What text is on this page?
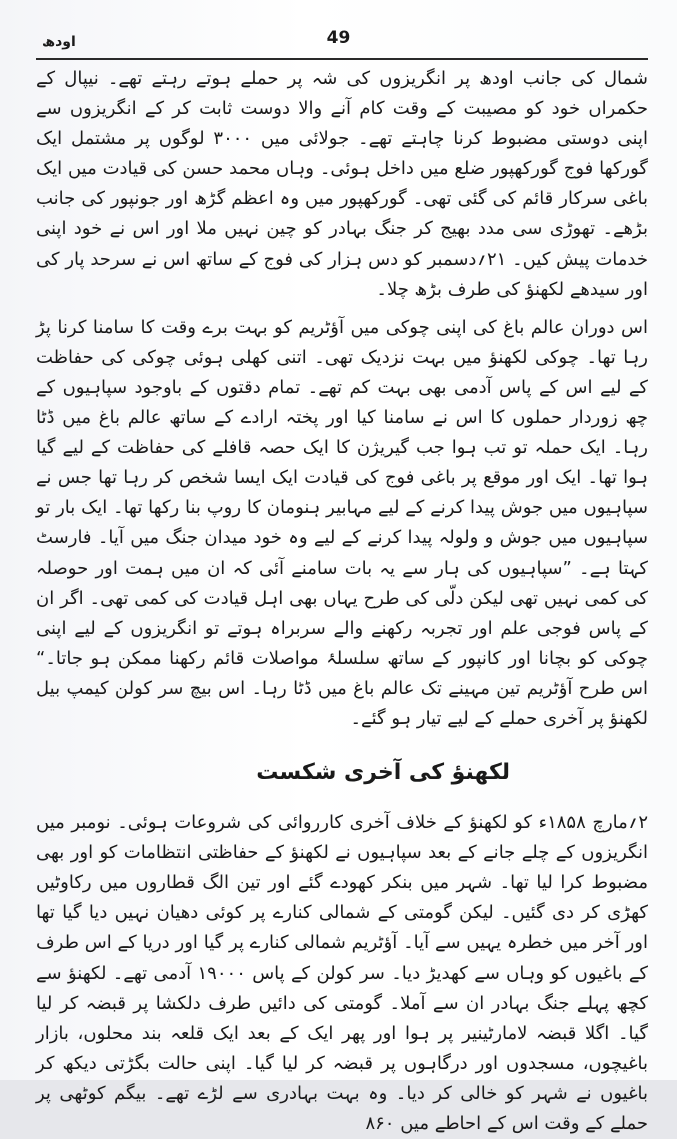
49
اودھ

شمال کی جانب اودھ پر انگریزوں کی شہ پر حملے ہوتے رہتے تھے۔ نیپال کے حکمراں خود کو مصیبت کے وقت کام آنے والا دوست ثابت کر کے انگریزوں سے اپنی دوستی مضبوط کرنا چاہتے تھے۔ جولائی میں ۳۰۰۰ لوگوں پر مشتمل ایک گورکھا فوج گورکھپور ضلع میں داخل ہوئی۔ وہاں محمد حسن کی قیادت میں ایک باغی سرکار قائم کی گئی تھی۔ گورکھپور میں وہ اعظم گڑھ اور جونپور کی جانب بڑھے۔ تھوڑی سی مدد بھیج کر جنگ بہادر کو چین نہیں ملا اور اس نے خود اپنی خدمات پیش کیں۔ ۲۱؍دسمبر کو دس ہزار کی فوج کے ساتھ اس نے سرحد پار کی اور سیدھے لکھنؤ کی طرف بڑھ چلا۔

اس دوران عالم باغ کی اپنی چوکی میں آؤٹریم کو بہت برے وقت کا سامنا کرنا پڑ رہا تھا۔ چوکی لکھنؤ میں بہت نزدیک تھی۔ اتنی کھلی ہوئی چوکی کی حفاظت کے لیے اس کے پاس آدمی بھی بہت کم تھے۔ تمام دقتوں کے باوجود سپاہیوں کے چھ زوردار حملوں کا اس نے سامنا کیا اور پختہ ارادے کے ساتھ عالم باغ میں ڈٹا رہا۔ ایک حملہ تو تب ہوا جب گیریژن کا ایک حصہ قافلے کی حفاظت کے لیے گیا ہوا تھا۔ ایک اور موقع پر باغی فوج کی قیادت ایک ایسا شخص کر رہا تھا جس نے سپاہیوں میں جوش پیدا کرنے کے لیے مہابیر ہنومان کا روپ بنا رکھا تھا۔ ایک بار تو سپاہیوں میں جوش و ولولہ پیدا کرنے کے لیے وہ خود میدان جنگ میں آیا۔ فارسٹ کہتا ہے۔ ”سپاہیوں کی ہار سے یہ بات سامنے آئی کہ ان میں ہمت اور حوصلہ کی کمی نہیں تھی لیکن دلّی کی طرح یہاں بھی اہل قیادت کی کمی تھی۔ اگر ان کے پاس فوجی علم اور تجربہ رکھنے والے سربراہ ہوتے تو انگریزوں کے لیے اپنی چوکی کو بچانا اور کانپور کے ساتھ سلسلۂ مواصلات قائم رکھنا ممکن ہو جاتا۔“ اس طرح آؤٹریم تین مہینے تک عالم باغ میں ڈٹا رہا۔ اس بیچ سر کولن کیمپ بیل لکھنؤ پر آخری حملے کے لیے تیار ہو گئے۔

لکھنؤ کی آخری شکست

۲؍مارچ ۱۸۵۸ء کو لکھنؤ کے خلاف آخری کارروائی کی شروعات ہوئی۔ نومبر میں انگریزوں کے چلے جانے کے بعد سپاہیوں نے لکھنؤ کے حفاظتی انتظامات کو اور بھی مضبوط کرا لیا تھا۔ شہر میں بنکر کھودے گئے اور تین الگ قطاروں میں رکاوٹیں کھڑی کر دی گئیں۔ لیکن گومتی کے شمالی کنارے پر کوئی دھیان نہیں دیا گیا تھا اور آخر میں خطرہ یہیں سے آیا۔ آؤٹریم شمالی کنارے پر گیا اور دریا کے اس طرف کے باغیوں کو وہاں سے کھدیڑ دیا۔ سر کولن کے پاس ۱۹۰۰۰ آدمی تھے۔ لکھنؤ سے کچھ پہلے جنگ بہادر ان سے آملا۔ گومتی کی دائیں طرف دلکشا پر قبضہ کر لیا گیا۔ اگلا قبضہ لامارٹینیر پر ہوا اور پھر ایک کے بعد ایک قلعہ بند محلوں، بازار باغیچوں، مسجدوں اور درگاہوں پر قبضہ کر لیا گیا۔ اپنی حالت بگڑتی دیکھ کر باغیوں نے شہر کو خالی کر دیا۔ وہ بہت بہادری سے لڑے تھے۔ بیگم کوٹھی پر حملے کے وقت اس کے احاطے میں ۸۶۰
